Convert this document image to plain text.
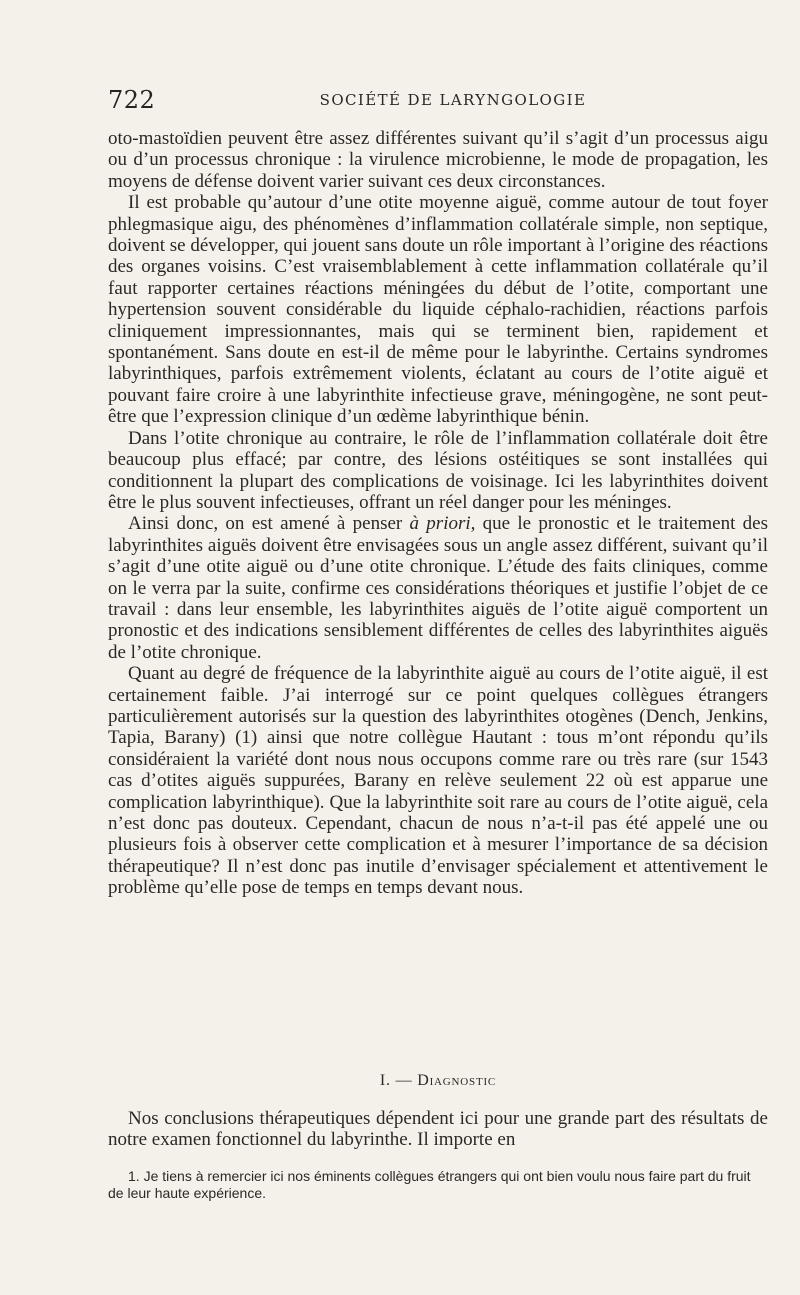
722	SOCIÉTÉ DE LARYNGOLOGIE

oto-mastoïdien peuvent être assez différentes suivant qu’il s’agit d’un processus aigu ou d’un processus chronique : la virulence microbienne, le mode de propagation, les moyens de défense doivent varier suivant ces deux circonstances.

Il est probable qu’autour d’une otite moyenne aiguë, comme autour de tout foyer phlegmasique aigu, des phénomènes d’inflammation collatérale simple, non septique, doivent se développer, qui jouent sans doute un rôle important à l’origine des réactions des organes voisins. C’est vraisemblablement à cette inflammation collatérale qu’il faut rapporter certaines réactions méningées du début de l’otite, comportant une hypertension souvent considérable du liquide céphalo-rachidien, réactions parfois cliniquement impressionnantes, mais qui se terminent bien, rapidement et spontanément. Sans doute en est-il de même pour le labyrinthe. Certains syndromes labyrinthiques, parfois extrêmement violents, éclatant au cours de l’otite aiguë et pouvant faire croire à une labyrinthite infectieuse grave, méningogène, ne sont peut-être que l’expression clinique d’un œdème labyrinthique bénin.

Dans l’otite chronique au contraire, le rôle de l’inflammation collatérale doit être beaucoup plus effacé; par contre, des lésions ostéitiques se sont installées qui conditionnent la plupart des complications de voisinage. Ici les labyrinthites doivent être le plus souvent infectieuses, offrant un réel danger pour les méninges.

Ainsi donc, on est amené à penser à priori, que le pronostic et le traitement des labyrinthites aiguës doivent être envisagées sous un angle assez différent, suivant qu’il s’agit d’une otite aiguë ou d’une otite chronique. L’étude des faits cliniques, comme on le verra par la suite, confirme ces considérations théoriques et justifie l’objet de ce travail : dans leur ensemble, les labyrinthites aiguës de l’otite aiguë comportent un pronostic et des indications sensiblement différentes de celles des labyrinthites aiguës de l’otite chronique.

Quant au degré de fréquence de la labyrinthite aiguë au cours de l’otite aiguë, il est certainement faible. J’ai interrogé sur ce point quelques collègues étrangers particulièrement autorisés sur la question des labyrinthites otogènes (Dench, Jenkins, Tapia, Barany) (1) ainsi que notre collègue Hautant : tous m’ont répondu qu’ils considéraient la variété dont nous nous occupons comme rare ou très rare (sur 1543 cas d’otites aiguës suppurées, Barany en relève seulement 22 où est apparue une complication labyrinthique). Que la labyrinthite soit rare au cours de l’otite aiguë, cela n’est donc pas douteux. Cependant, chacun de nous n’a-t-il pas été appelé une ou plusieurs fois à observer cette complication et à mesurer l’importance de sa décision thérapeutique? Il n’est donc pas inutile d’envisager spécialement et attentivement le problème qu’elle pose de temps en temps devant nous.

I. — Diagnostic

Nos conclusions thérapeutiques dépendent ici pour une grande part des résultats de notre examen fonctionnel du labyrinthe. Il importe en

1. Je tiens à remercier ici nos éminents collègues étrangers qui ont bien voulu nous faire part du fruit de leur haute expérience.
